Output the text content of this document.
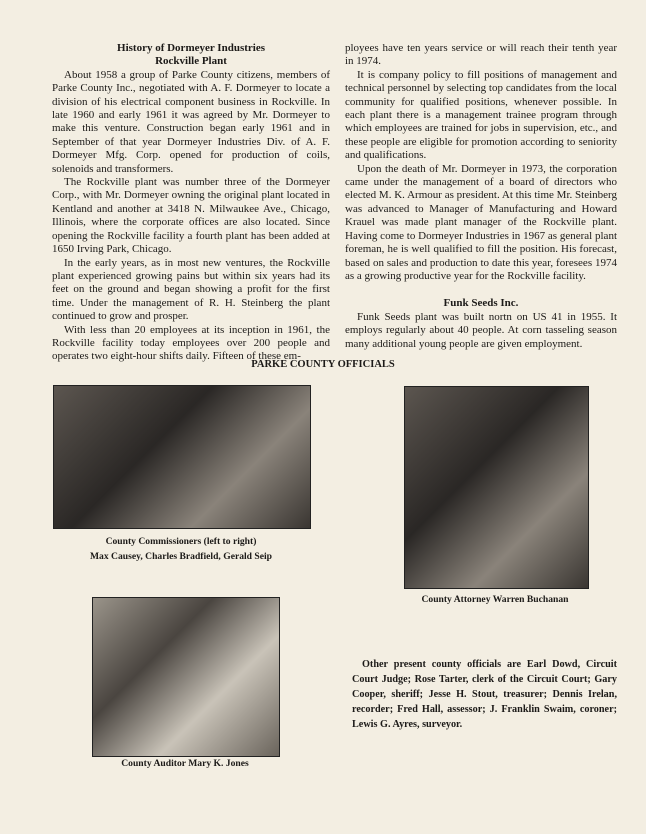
History of Dormeyer Industries
Rockville Plant

About 1958 a group of Parke County citizens, members of Parke County Inc., negotiated with A. F. Dormeyer to locate a division of his electrical component business in Rockville. In late 1960 and early 1961 it was agreed by Mr. Dormeyer to make this venture. Construction began early 1961 and in September of that year Dormeyer Industries Div. of A. F. Dormeyer Mfg. Corp. opened for production of coils, solenoids and transformers.

The Rockville plant was number three of the Dormeyer Corp., with Mr. Dormeyer owning the original plant located in Kentland and another at 3418 N. Milwaukee Ave., Chicago, Illinois, where the corporate offices are also located. Since opening the Rockville facility a fourth plant has been added at 1650 Irving Park, Chicago.

In the early years, as in most new ventures, the Rockville plant experienced growing pains but within six years had its feet on the ground and began showing a profit for the first time. Under the management of R. H. Steinberg the plant continued to grow and prosper.

With less than 20 employees at its inception in 1961, the Rockville facility today employees over 200 people and operates two eight-hour shifts daily. Fifteen of these em-

ployees have ten years service or will reach their tenth year in 1974.

It is company policy to fill positions of management and technical personnel by selecting top candidates from the local community for qualified positions, whenever possible. In each plant there is a management trainee program through which employees are trained for jobs in supervision, etc., and these people are eligible for promotion according to seniority and qualifications.

Upon the death of Mr. Dormeyer in 1973, the corporation came under the management of a board of directors who elected M. K. Armour as president. At this time Mr. Steinberg was advanced to Manager of Manufacturing and Howard Krauel was made plant manager of the Rockville plant. Having come to Dormeyer Industries in 1967 as general plant foreman, he is well qualified to fill the position. His forecast, based on sales and production to date this year, foresees 1974 as a growing productive year for the Rockville facility.

Funk Seeds Inc.

Funk Seeds plant was built nortn on US 41 in 1955. It employs regularly about 40 people. At corn tasseling season many additional young people are given employment.

PARKE COUNTY OFFICIALS
County Commissioners (left to right)
Max Causey, Charles Bradfield, Gerald Seip
County Attorney Warren Buchanan
County Auditor Mary K. Jones

Other present county officials are Earl Dowd, Circuit Court Judge; Rose Tarter, clerk of the Circuit Court; Gary Cooper, sheriff; Jesse H. Stout, treasurer; Dennis Irelan, recorder; Fred Hall, assessor; J. Franklin Swaim, coroner; Lewis G. Ayres, surveyor.
